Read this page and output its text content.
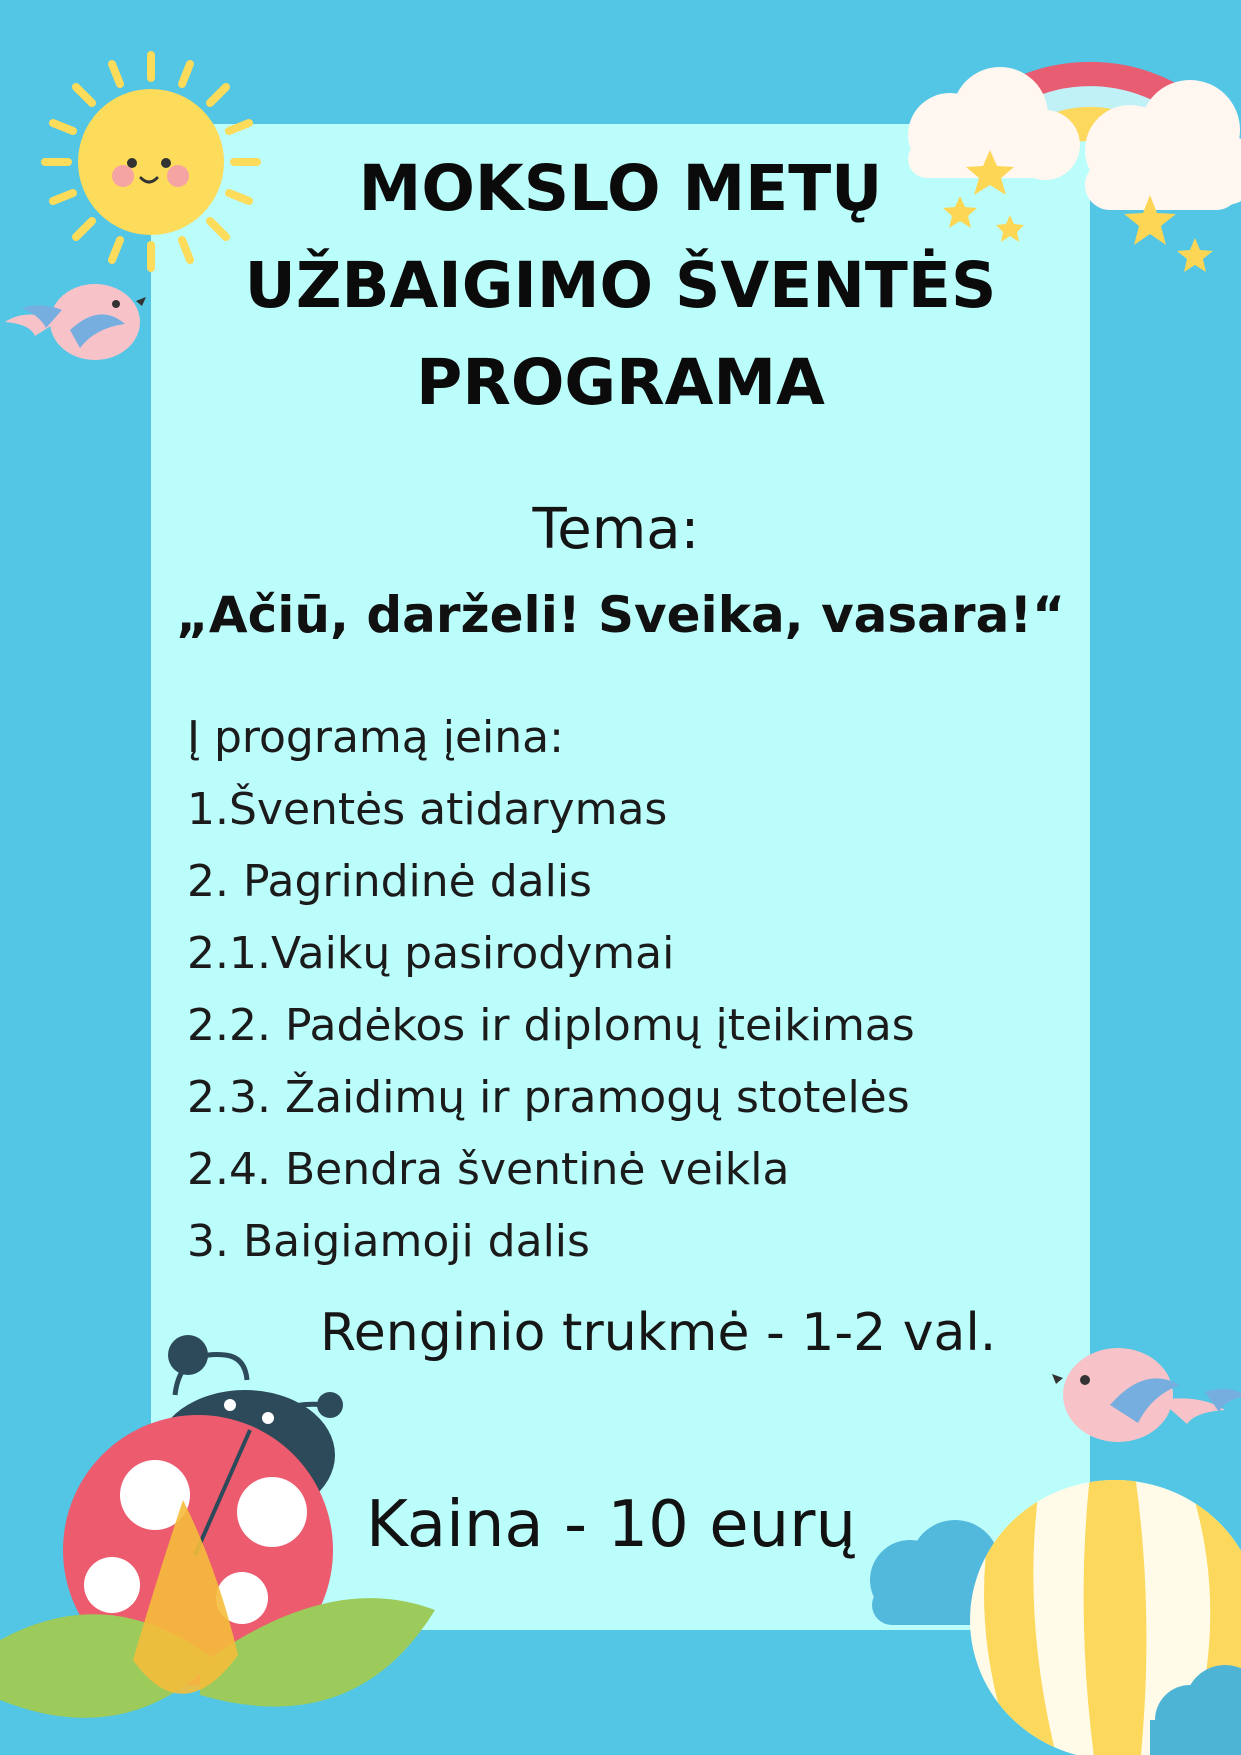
MOKSLO METŲ
UŽBAIGIMO ŠVENTĖS
PROGRAMA
Tema:
„Ačiū, darželi! Sveika, vasara!“
Į programą įeina:
1.Šventės atidarymas
2. Pagrindinė dalis
2.1.Vaikų pasirodymai
2.2. Padėkos ir diplomų įteikimas
2.3. Žaidimų ir pramogų stotelės
2.4. Bendra šventinė veikla
3. Baigiamoji dalis
Renginio trukmė - 1-2 val.
Kaina - 10 eurų
